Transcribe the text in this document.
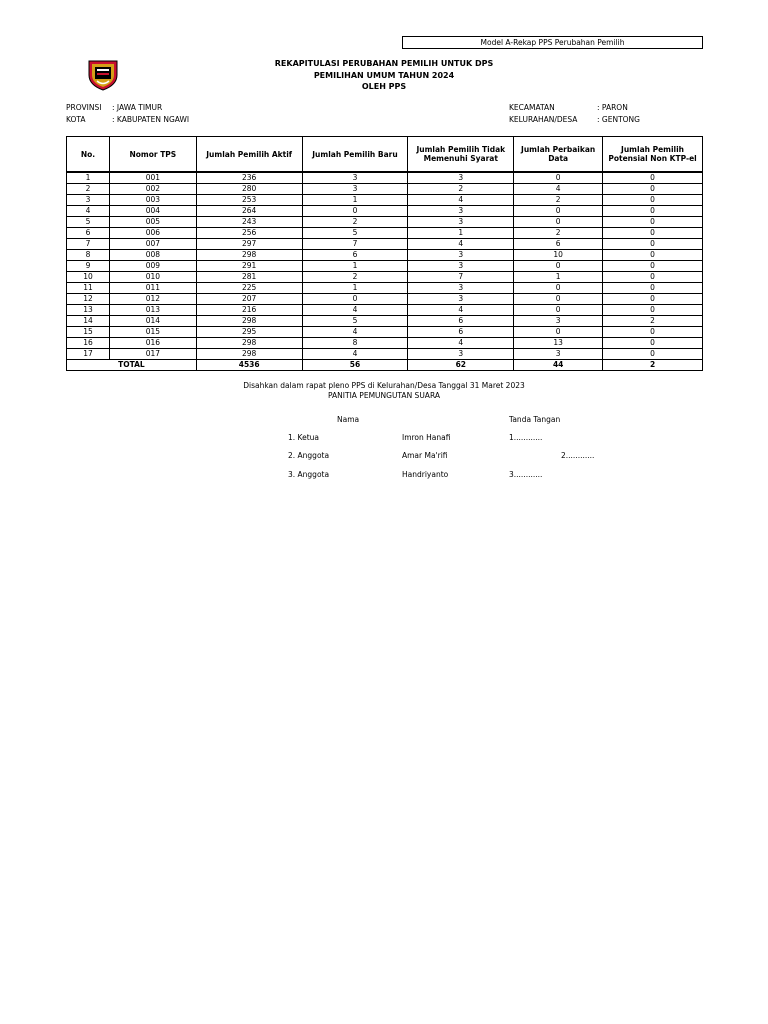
Model A-Rekap PPS Perubahan Pemilih
REKAPITULASI PERUBAHAN PEMILIH UNTUK DPS
PEMILIHAN UMUM TAHUN 2024
OLEH PPS
PROVINSI : JAWA TIMUR
KOTA	: KABUPATEN NGAWI
KECAMATAN	: PARON
KELURAHAN/DESA	: GENTONG
No.	Nomor TPS	Jumlah Pemilih Aktif	Jumlah Pemilih Baru	Jumlah Pemilih Tidak Memenuhi Syarat	Jumlah Perbaikan Data	Jumlah Pemilih Potensial Non KTP-el
1	001	236	3	3	0	0
2	002	280	3	2	4	0
3	003	253	1	4	2	0
4	004	264	0	3	0	0
5	005	243	2	3	0	0
6	006	256	5	1	2	0
7	007	297	7	4	6	0
8	008	298	6	3	10	0
9	009	291	1	3	0	0
10	010	281	2	7	1	0
11	011	225	1	3	0	0
12	012	207	0	3	0	0
13	013	216	4	4	0	0
14	014	298	5	6	3	2
15	015	295	4	6	0	0
16	016	298	8	4	13	0
17	017	298	4	3	3	0
TOTAL		4536	56	62	44	2
Disahkan dalam rapat pleno PPS di Kelurahan/Desa Tanggal 31 Maret 2023
PANITIA PEMUNGUTAN SUARA
Nama	Tanda Tangan
1. Ketua	Imron Hanafi	1............
2. Anggota	Amar Ma'rifi	2............
3. Anggota	Handriyanto	3............
